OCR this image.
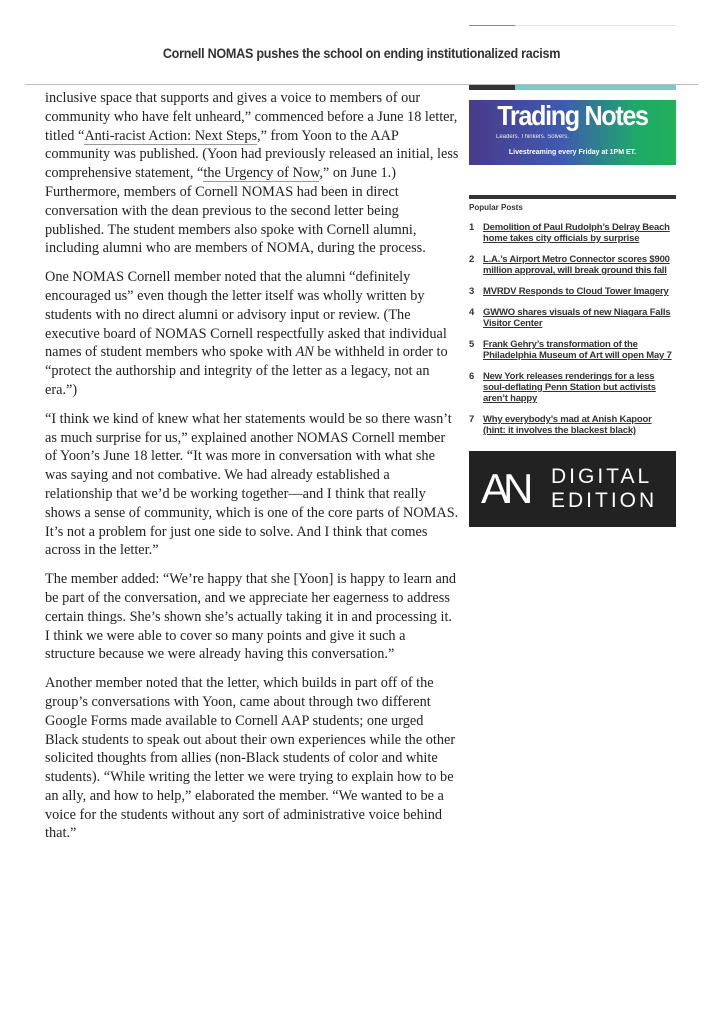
Cornell NOMAS pushes the school on ending institutionalized racism

inclusive space that supports and gives a voice to members of our community who have felt unheard,” commenced before a June 18 letter, titled “Anti-racist Action: Next Steps,” from Yoon to the AAP community was published. (Yoon had previously released an initial, less comprehensive statement, “the Urgency of Now,” on June 1.) Furthermore, members of Cornell NOMAS had been in direct conversation with the dean previous to the second letter being published. The student members also spoke with Cornell alumni, including alumni who are members of NOMA, during the process.

One NOMAS Cornell member noted that the alumni “definitely encouraged us” even though the letter itself was wholly written by students with no direct alumni or advisory input or review. (The executive board of NOMAS Cornell respectfully asked that individual names of student members who spoke with AN be withheld in order to “protect the authorship and integrity of the letter as a legacy, not an era.”)

“I think we kind of knew what her statements would be so there wasn’t as much surprise for us,” explained another NOMAS Cornell member of Yoon’s June 18 letter. “It was more in conversation with what she was saying and not combative. We had already established a relationship that we’d be working together—and I think that really shows a sense of community, which is one of the core parts of NOMAS. It’s not a problem for just one side to solve. And I think that comes across in the letter.”

The member added: “We’re happy that she [Yoon] is happy to learn and be part of the conversation, and we appreciate her eagerness to address certain things. She’s shown she’s actually taking it in and processing it. I think we were able to cover so many points and give it such a structure because we were already having this conversation.”

Another member noted that the letter, which builds in part off of the group’s conversations with Yoon, came about through two different Google Forms made available to Cornell AAP students; one urged Black students to speak out about their own experiences while the other solicited thoughts from allies (non-Black students of color and white students). “While writing the letter we were trying to explain how to be an ally, and how to help,” elaborated the member. “We wanted to be a voice for the students without any sort of administrative voice behind that.”

Trading Notes
Leaders. Thinkers. Solvers.
Livestreaming every Friday at 1PM ET.
Popular Posts
1 Demolition of Paul Rudolph’s Delray Beach home takes city officials by surprise
2 L.A.’s Airport Metro Connector scores $900 million approval, will break ground this fall
3 MVRDV Responds to Cloud Tower Imagery
4 GWWO shares visuals of new Niagara Falls Visitor Center
5 Frank Gehry’s transformation of the Philadelphia Museum of Art will open May 7
6 New York releases renderings for a less soul-deflating Penn Station but activists aren’t happy
7 Why everybody’s mad at Anish Kapoor (hint: it involves the blackest black)
AN DIGITAL
EDITION
